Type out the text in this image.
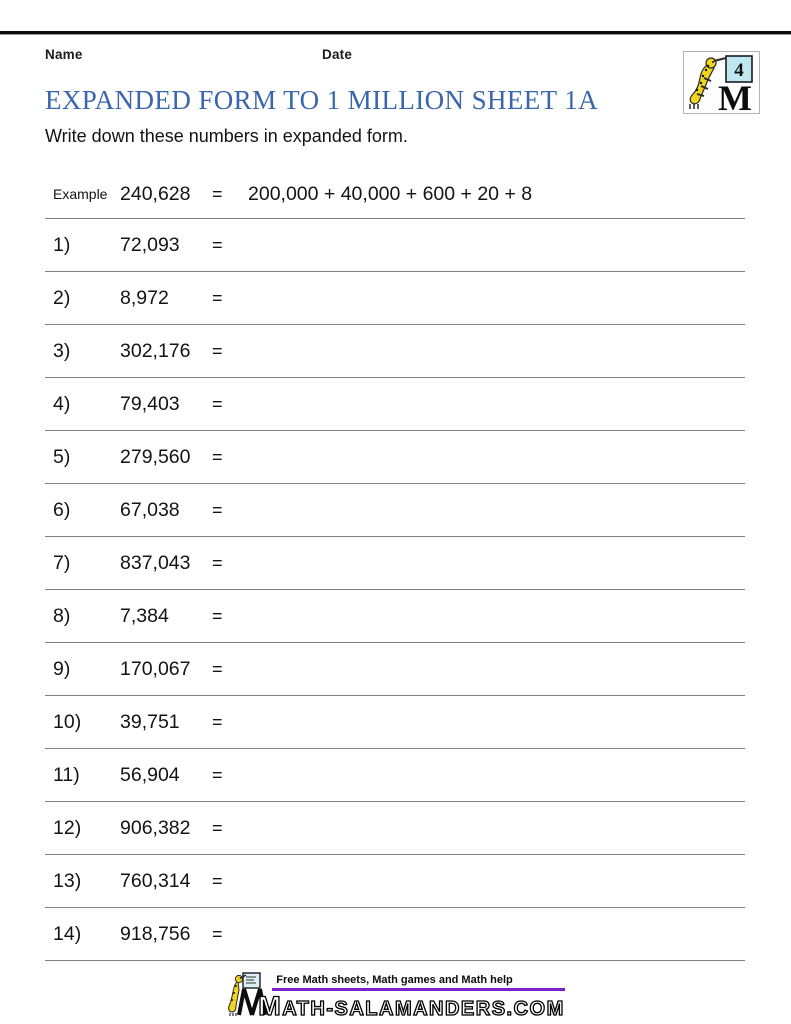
Name	Date
4
M
EXPANDED FORM TO 1 MILLION SHEET 1A
Write down these numbers in expanded form.
Example 240,628	=	200,000 + 40,000 + 600 + 20 + 8
1)	72,093	=
2)	8,972	=
3)	302,176	=
4)	79,403	=
5)	279,560	=
6)	67,038	=
7)	837,043	=
8)	7,384	=
9)	170,067	=
10)	39,751	=
11)	56,904	=
12)	906,382	=
13)	760,314	=
14)	918,756	=
Free Math sheets, Math games and Math help
MATH-SALAMANDERS.COM
